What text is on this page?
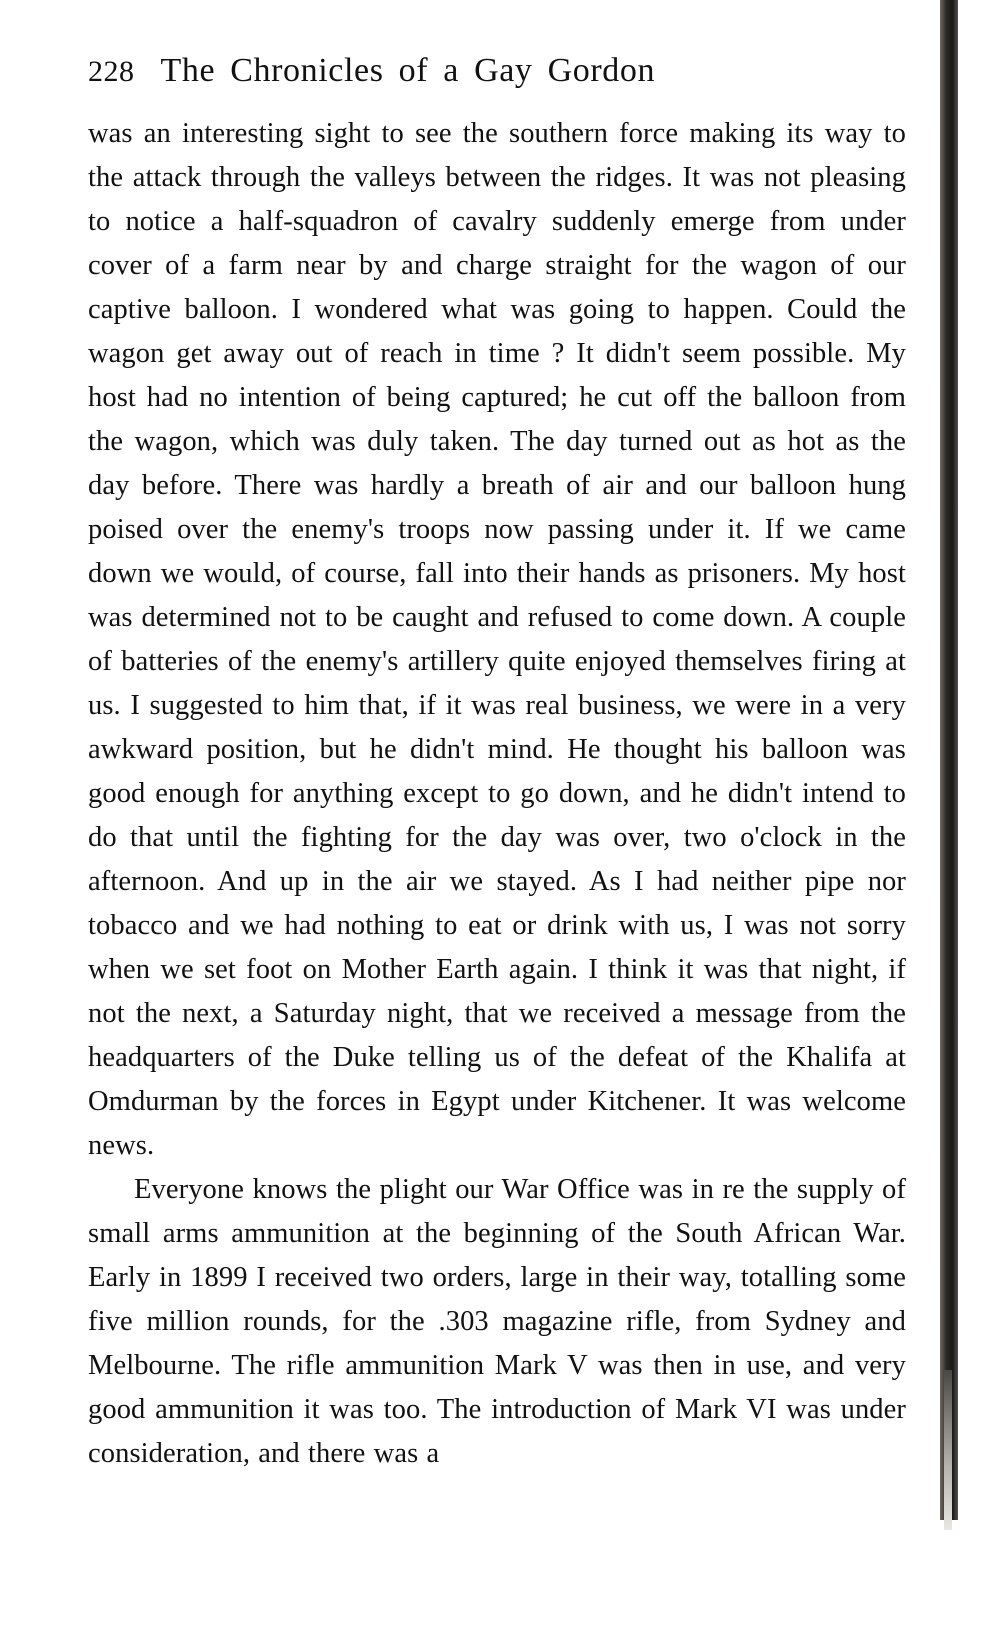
228 The Chronicles of a Gay Gordon

was an interesting sight to see the southern force making its way to the attack through the valleys between the ridges. It was not pleasing to notice a half-squadron of cavalry suddenly emerge from under cover of a farm near by and charge straight for the wagon of our captive balloon. I wondered what was going to happen. Could the wagon get away out of reach in time ? It didn't seem possible. My host had no intention of being captured; he cut off the balloon from the wagon, which was duly taken. The day turned out as hot as the day before. There was hardly a breath of air and our balloon hung poised over the enemy's troops now passing under it. If we came down we would, of course, fall into their hands as prisoners. My host was determined not to be caught and refused to come down. A couple of batteries of the enemy's artillery quite enjoyed themselves firing at us. I suggested to him that, if it was real business, we were in a very awkward position, but he didn't mind. He thought his balloon was good enough for anything except to go down, and he didn't intend to do that until the fighting for the day was over, two o'clock in the afternoon. And up in the air we stayed. As I had neither pipe nor tobacco and we had nothing to eat or drink with us, I was not sorry when we set foot on Mother Earth again. I think it was that night, if not the next, a Saturday night, that we received a message from the headquarters of the Duke telling us of the defeat of the Khalifa at Omdurman by the forces in Egypt under Kitchener. It was welcome news.

Everyone knows the plight our War Office was in re the supply of small arms ammunition at the beginning of the South African War. Early in 1899 I received two orders, large in their way, totalling some five million rounds, for the .303 magazine rifle, from Sydney and Melbourne. The rifle ammunition Mark V was then in use, and very good ammunition it was too. The introduction of Mark VI was under consideration, and there was a
